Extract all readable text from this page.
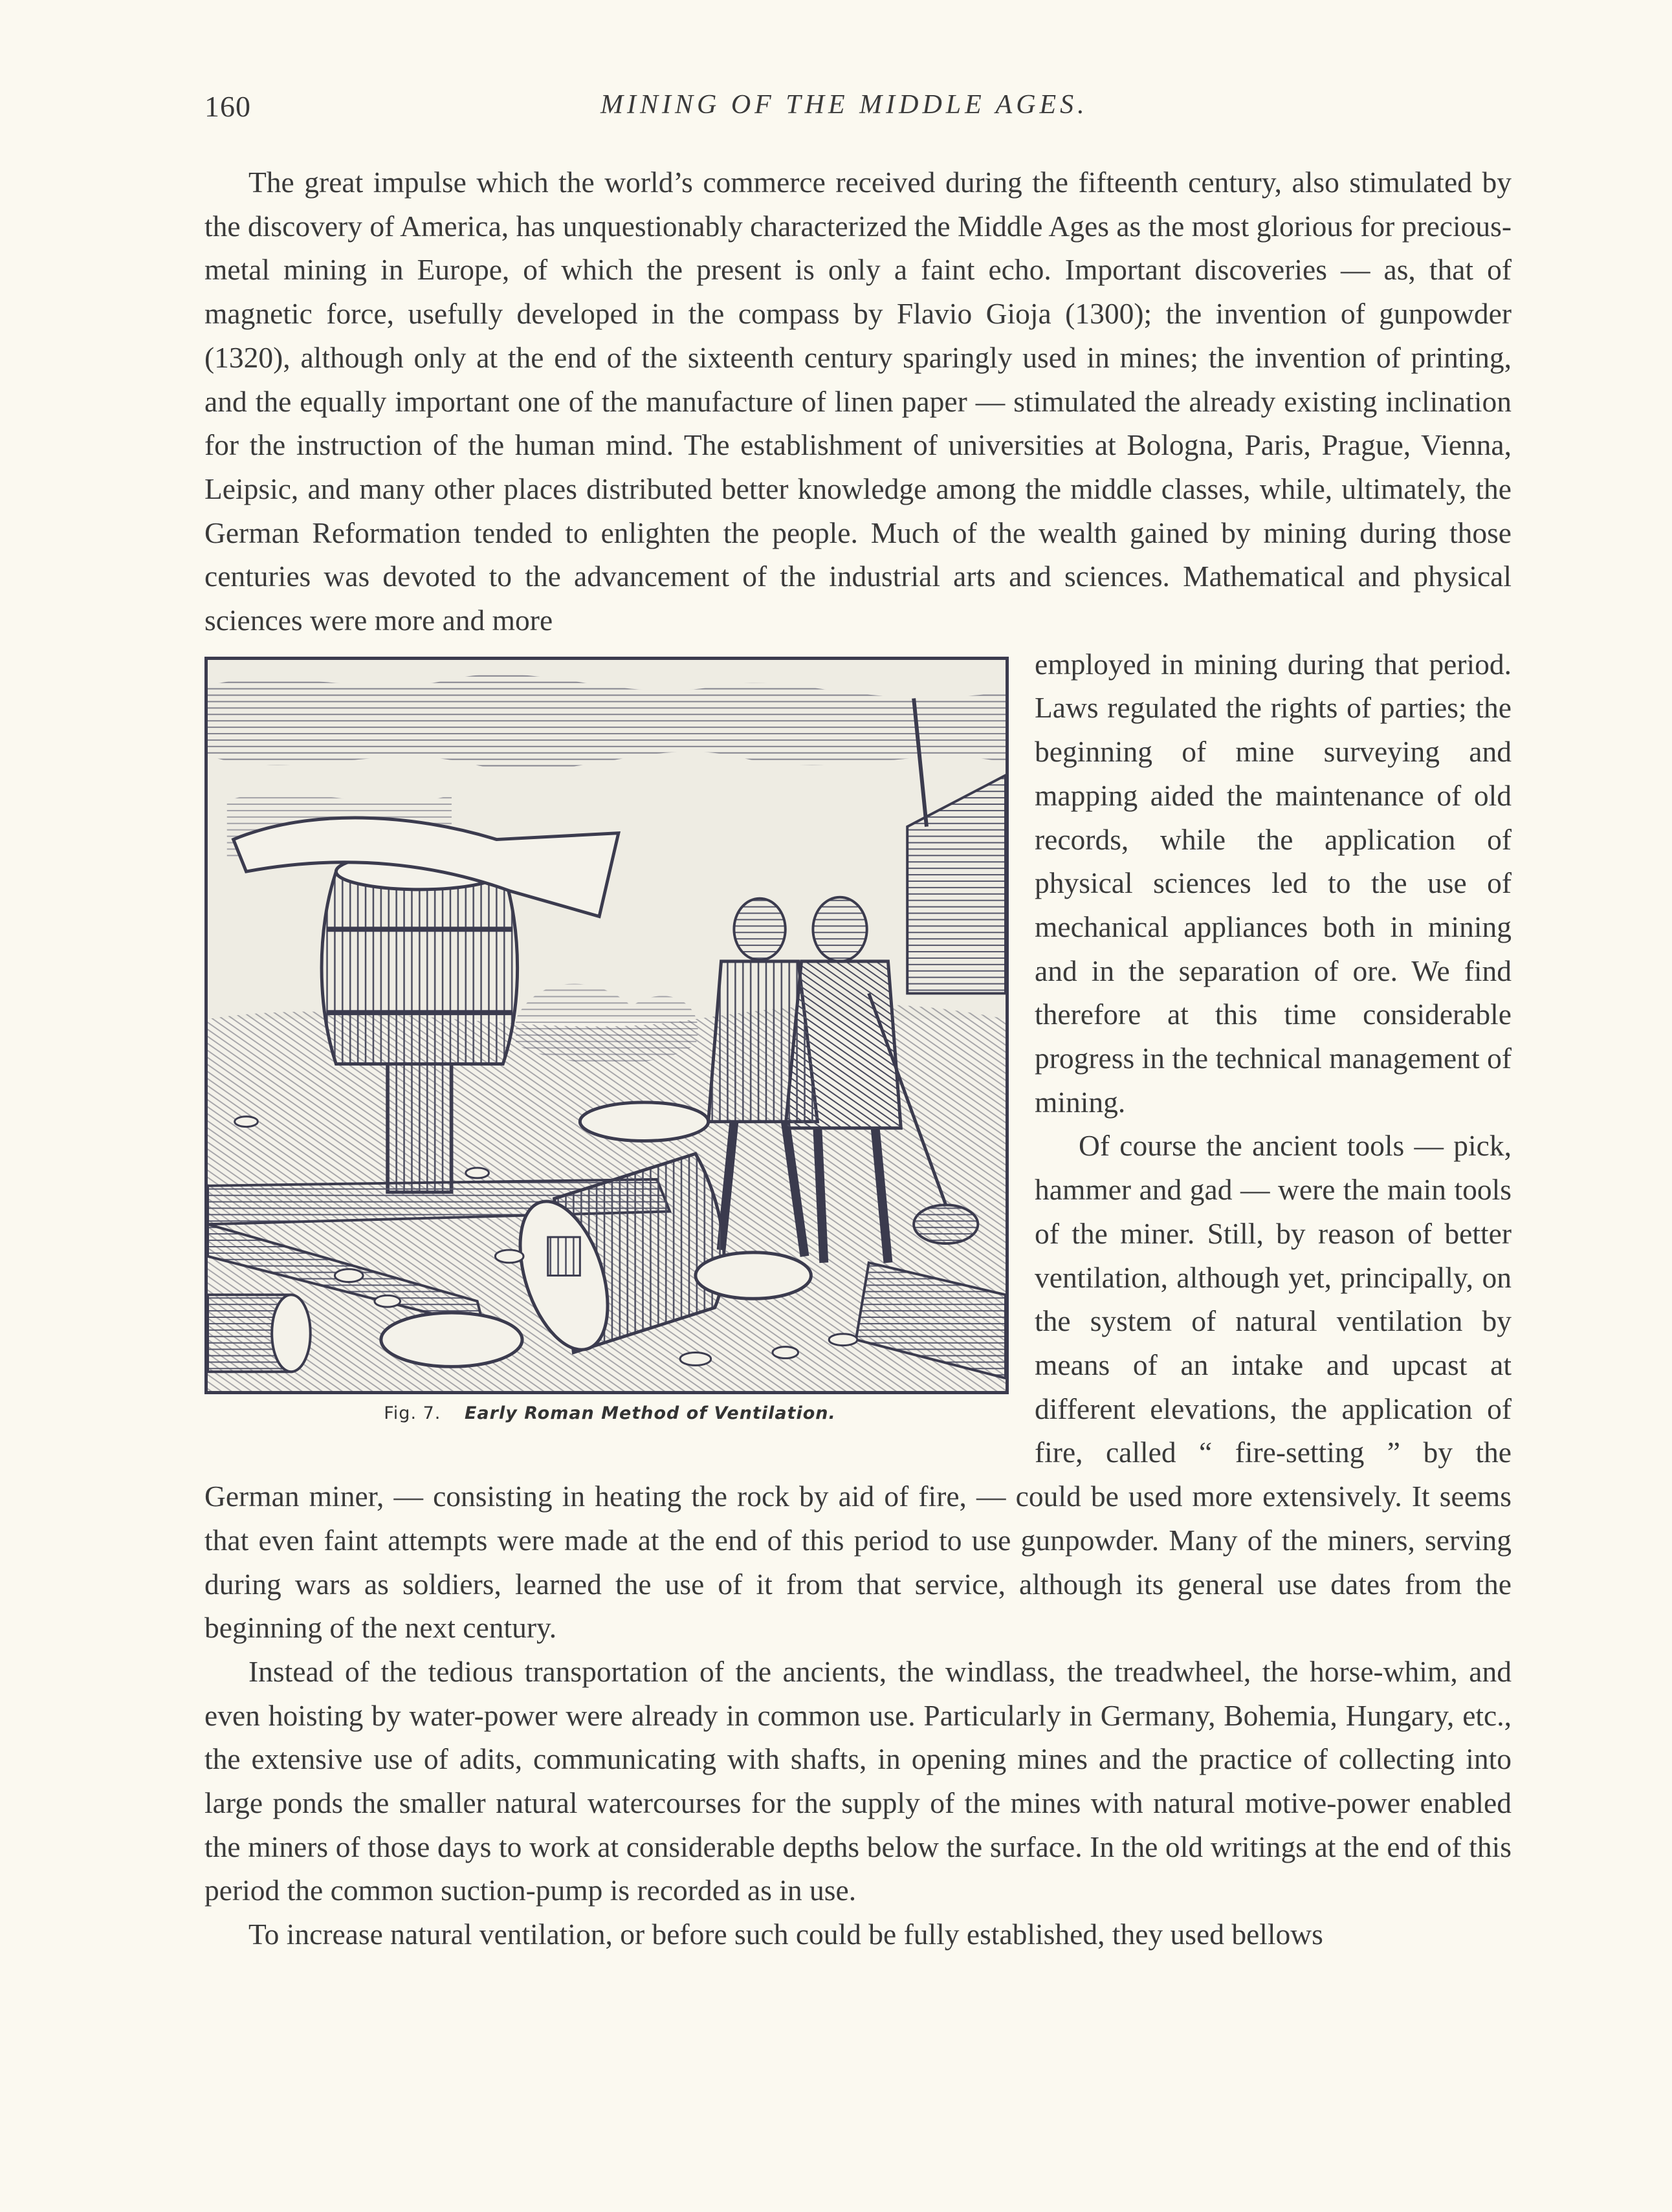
160	MINING OF THE MIDDLE AGES.

The great impulse which the world’s commerce received during the fifteenth century, also stimulated by the discovery of America, has unquestionably characterized the Middle Ages as the most glorious for precious-metal mining in Europe, of which the present is only a faint echo. Important discoveries — as, that of magnetic force, usefully developed in the compass by Flavio Gioja (1300); the invention of gunpowder (1320), although only at the end of the sixteenth century sparingly used in mines; the invention of printing, and the equally important one of the manufacture of linen paper — stimulated the already existing inclination for the instruction of the human mind. The establishment of universities at Bologna, Paris, Prague, Vienna, Leipsic, and many other places distributed better knowledge among the middle classes, while, ultimately, the German Reformation tended to enlighten the people. Much of the wealth gained by mining during those centuries was devoted to the advancement of the industrial arts and sciences. Mathematical and physical sciences were more and more

Fig. 7. Early Roman Method of Ventilation.

employed in mining during that period. Laws regulated the rights of parties; the beginning of mine surveying and mapping aided the maintenance of old records, while the application of physical sciences led to the use of mechanical appliances both in mining and in the separation of ore. We find therefore at this time considerable progress in the technical management of mining.

Of course the ancient tools — pick, hammer and gad — were the main tools of the miner. Still, by reason of better ventilation, although yet, principally, on the system of natural ventilation by means of an intake and upcast at different elevations, the application of fire, called “ fire-setting ” by the German miner, — consisting in heating the rock by aid of fire, — could be used more extensively. It seems that even faint attempts were made at the end of this period to use gunpowder. Many of the miners, serving during wars as soldiers, learned the use of it from that service, although its general use dates from the beginning of the next century.

Instead of the tedious transportation of the ancients, the windlass, the treadwheel, the horse-whim, and even hoisting by water-power were already in common use. Particularly in Germany, Bohemia, Hungary, etc., the extensive use of adits, communicating with shafts, in opening mines and the practice of collecting into large ponds the smaller natural watercourses for the supply of the mines with natural motive-power enabled the miners of those days to work at considerable depths below the surface. In the old writings at the end of this period the common suction-pump is recorded as in use.

To increase natural ventilation, or before such could be fully established, they used bellows
